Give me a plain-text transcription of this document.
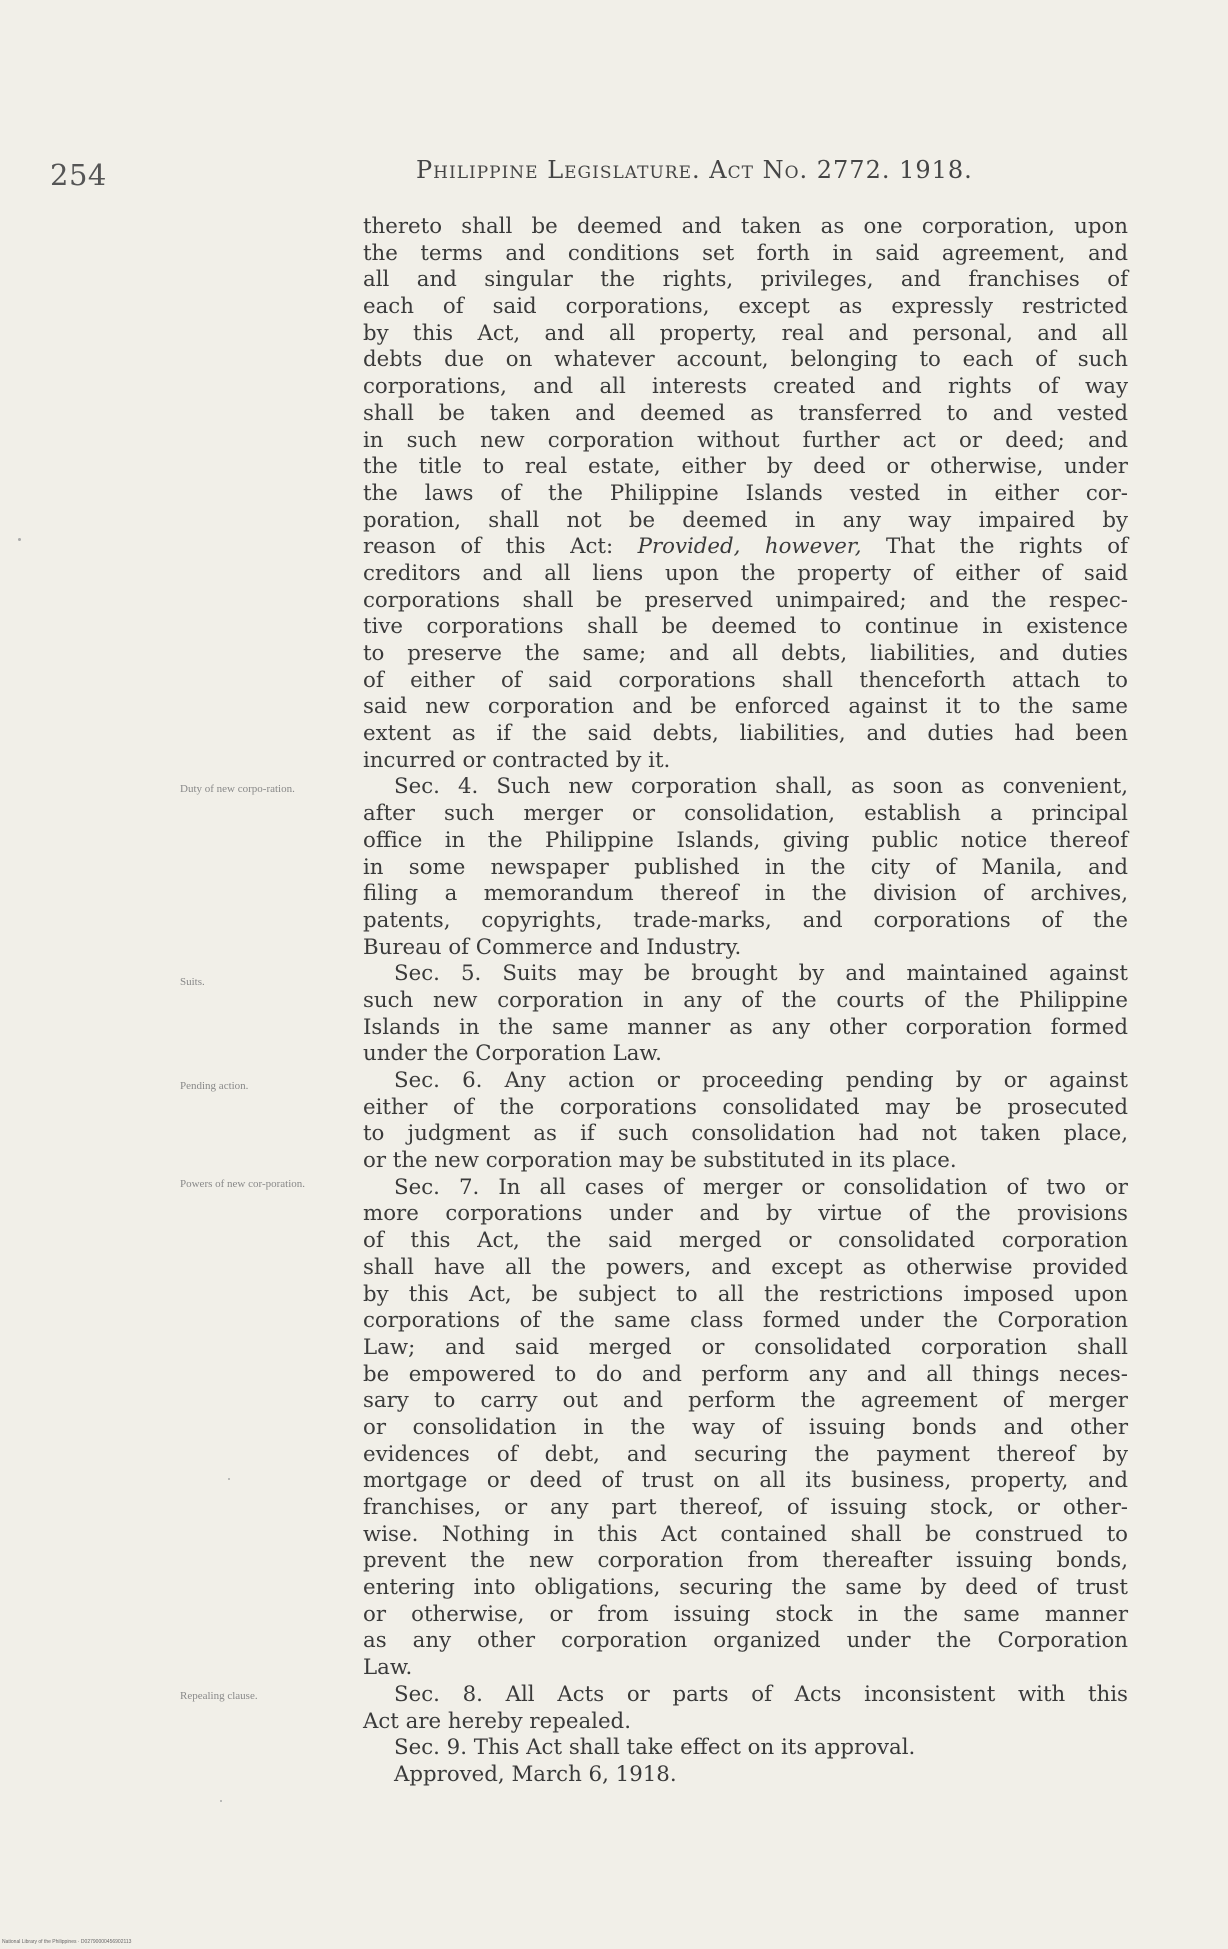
254	Philippine Legislature. Act No. 2772. 1918.
Duty of new corpo-ration.
Suits.
Pending action.
Powers of new cor-poration.
Repealing clause.
thereto shall be deemed and taken as one corporation, upon
the terms and conditions set forth in said agreement, and
all and singular the rights, privileges, and franchises of
each of said corporations, except as expressly restricted
by this Act, and all property, real and personal, and all
debts due on whatever account, belonging to each of such
corporations, and all interests created and rights of way
shall be taken and deemed as transferred to and vested
in such new corporation without further act or deed; and
the title to real estate, either by deed or otherwise, under
the laws of the Philippine Islands vested in either cor-
poration, shall not be deemed in any way impaired by
reason of this Act: Provided, however, That the rights of
creditors and all liens upon the property of either of said
corporations shall be preserved unimpaired; and the respec-
tive corporations shall be deemed to continue in existence
to preserve the same; and all debts, liabilities, and duties
of either of said corporations shall thenceforth attach to
said new corporation and be enforced against it to the same
extent as if the said debts, liabilities, and duties had been
incurred or contracted by it.
Sec. 4. Such new corporation shall, as soon as convenient,
after such merger or consolidation, establish a principal
office in the Philippine Islands, giving public notice thereof
in some newspaper published in the city of Manila, and
filing a memorandum thereof in the division of archives,
patents, copyrights, trade-marks, and corporations of the
Bureau of Commerce and Industry.
Sec. 5. Suits may be brought by and maintained against
such new corporation in any of the courts of the Philippine
Islands in the same manner as any other corporation formed
under the Corporation Law.
Sec. 6. Any action or proceeding pending by or against
either of the corporations consolidated may be prosecuted
to judgment as if such consolidation had not taken place,
or the new corporation may be substituted in its place.
Sec. 7. In all cases of merger or consolidation of two or
more corporations under and by virtue of the provisions
of this Act, the said merged or consolidated corporation
shall have all the powers, and except as otherwise provided
by this Act, be subject to all the restrictions imposed upon
corporations of the same class formed under the Corporation
Law; and said merged or consolidated corporation shall
be empowered to do and perform any and all things neces-
sary to carry out and perform the agreement of merger
or consolidation in the way of issuing bonds and other
evidences of debt, and securing the payment thereof by
mortgage or deed of trust on all its business, property, and
franchises, or any part thereof, of issuing stock, or other-
wise. Nothing in this Act contained shall be construed to
prevent the new corporation from thereafter issuing bonds,
entering into obligations, securing the same by deed of trust
or otherwise, or from issuing stock in the same manner
as any other corporation organized under the Corporation
Law.
Sec. 8. All Acts or parts of Acts inconsistent with this
Act are hereby repealed.
Sec. 9. This Act shall take effect on its approval.
Approved, March 6, 1918.
National Library of the Philippines · D02790000456902113
